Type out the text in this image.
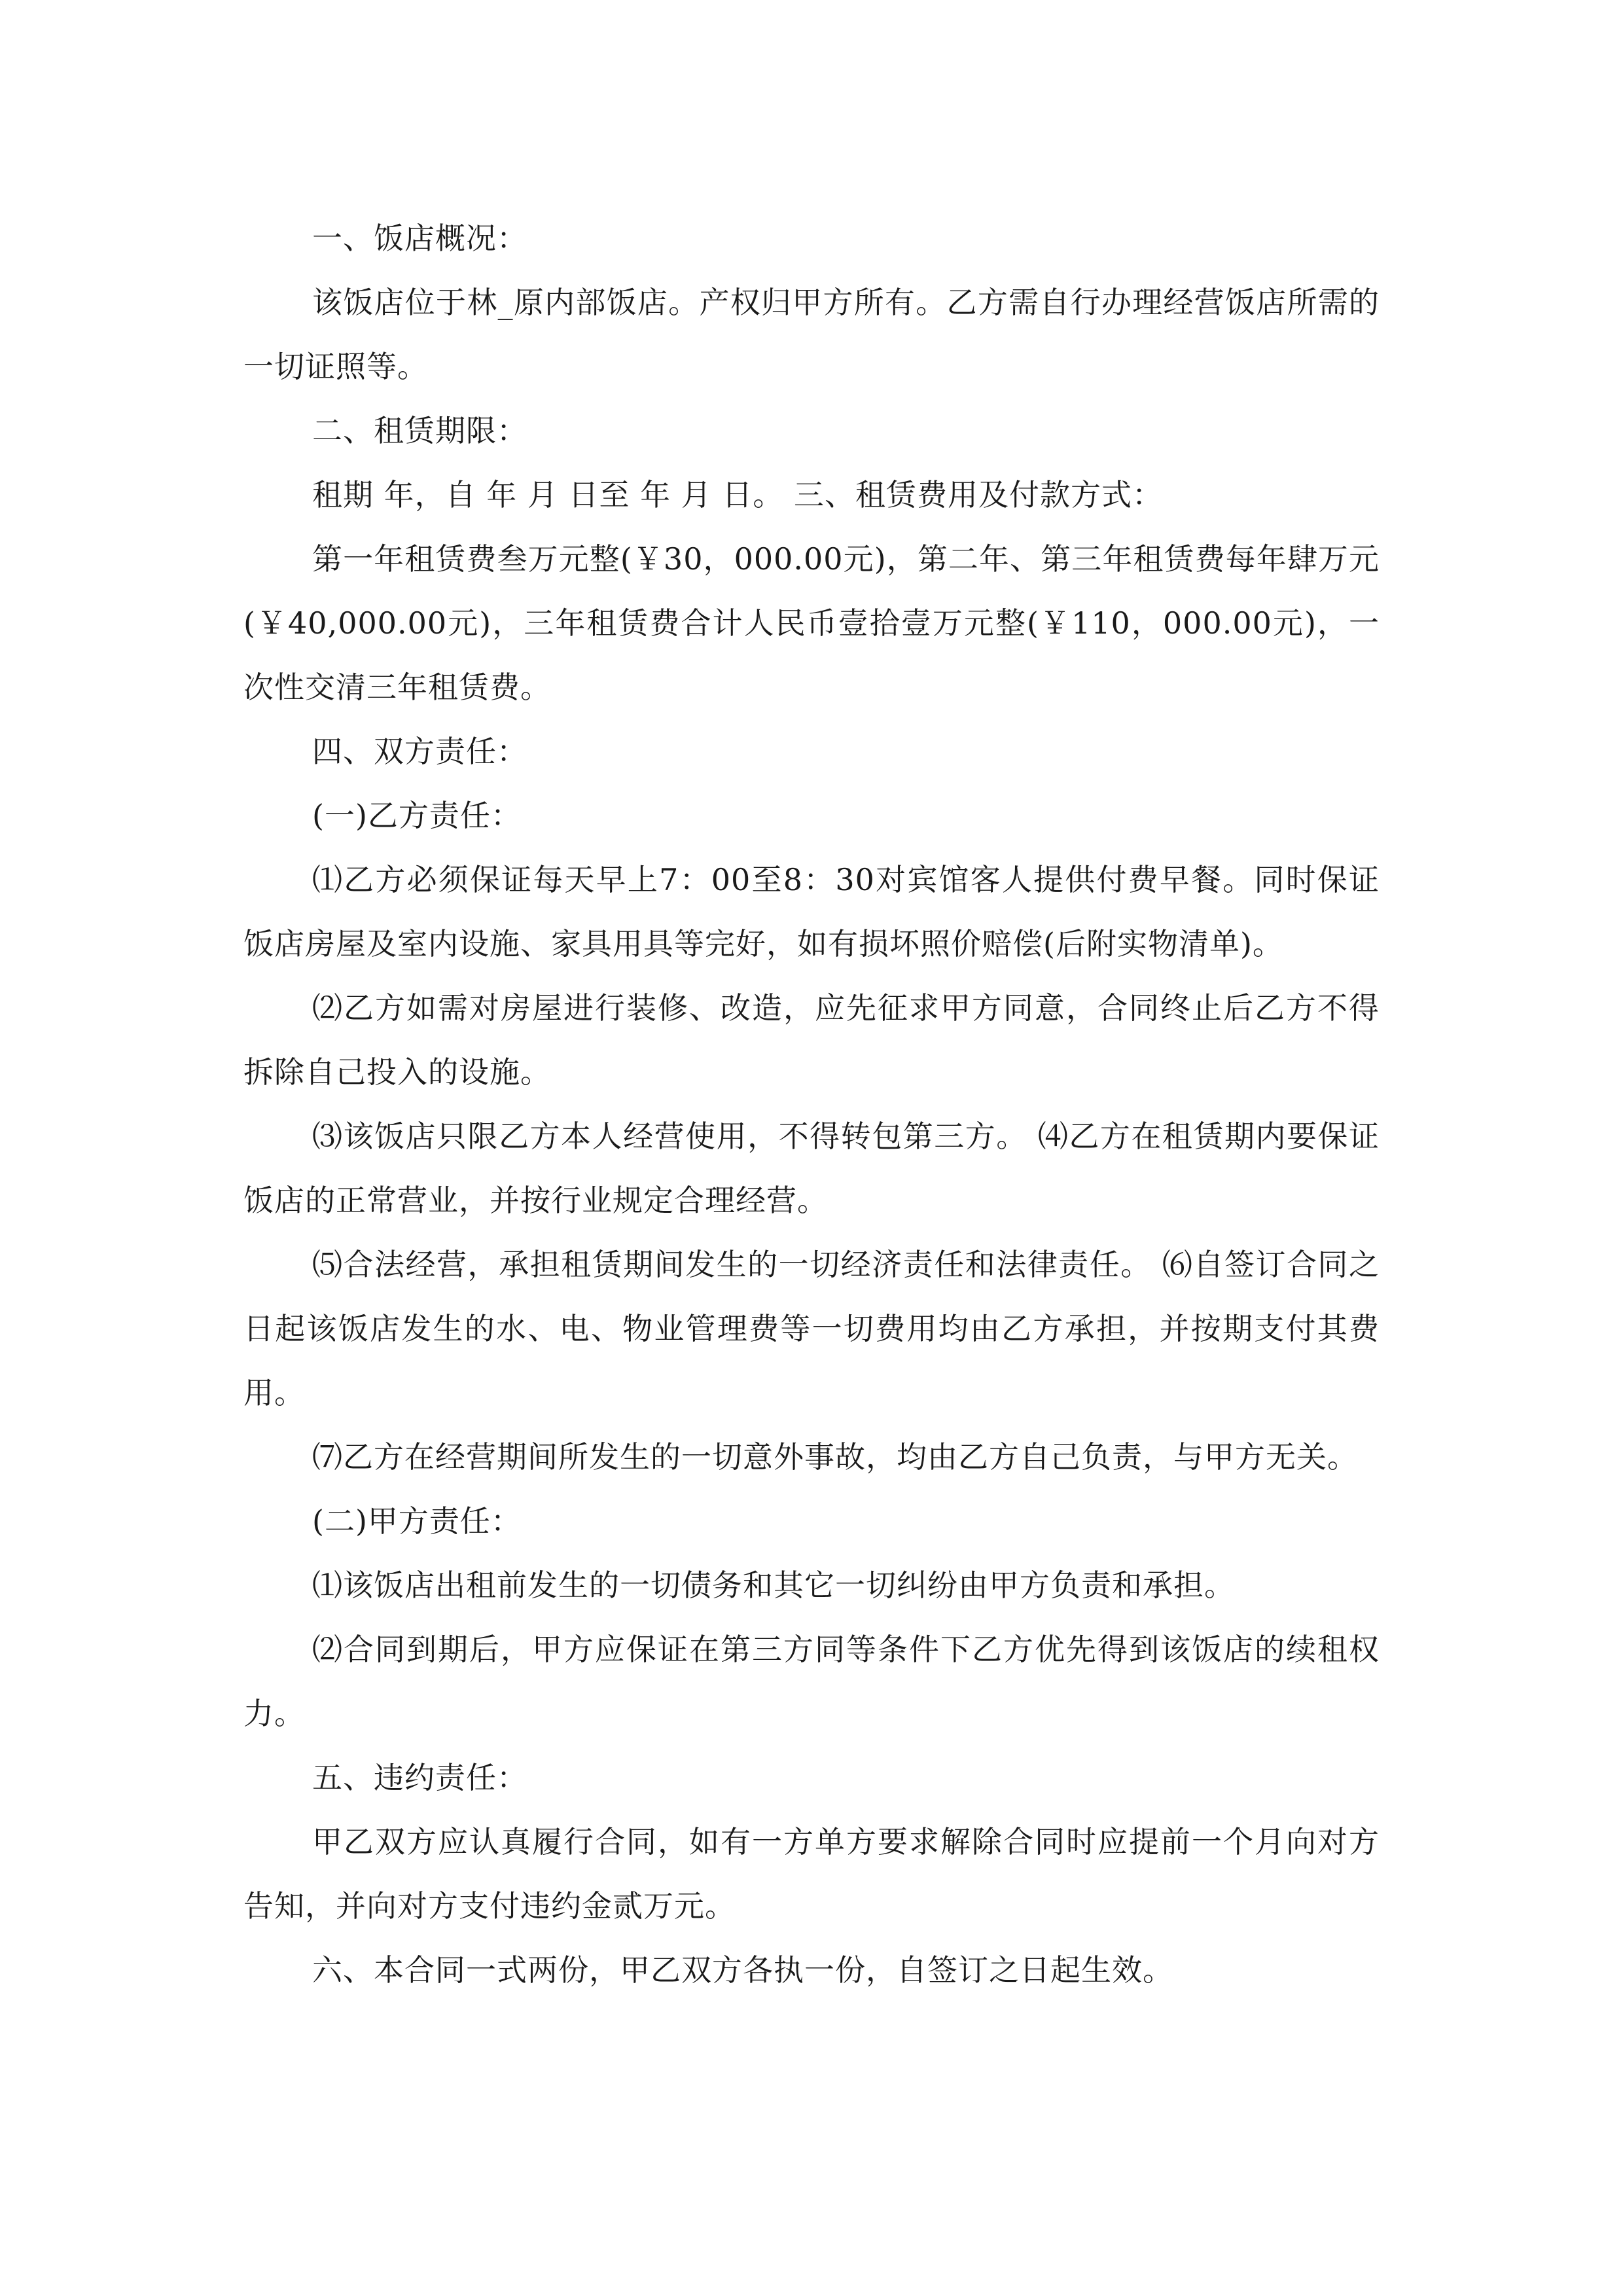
一、饭店概况：

该饭店位于林_原内部饭店。产权归甲方所有。乙方需自行办理经营饭店所需的一切证照等。

二、租赁期限：

租期 年，自 年 月 日至 年 月 日。 三、租赁费用及付款方式：

第一年租赁费叁万元整(￥30，000.00元)，第二年、第三年租赁费每年肆万元(￥40,000.00元)，三年租赁费合计人民币壹拾壹万元整(￥110，000.00元)，一次性交清三年租赁费。

四、双方责任：

(一)乙方责任：

⑴乙方必须保证每天早上7：00至8：30对宾馆客人提供付费早餐。同时保证饭店房屋及室内设施、家具用具等完好，如有损坏照价赔偿(后附实物清单)。

⑵乙方如需对房屋进行装修、改造，应先征求甲方同意，合同终止后乙方不得拆除自己投入的设施。

⑶该饭店只限乙方本人经营使用，不得转包第三方。 ⑷乙方在租赁期内要保证饭店的正常营业，并按行业规定合理经营。

⑸合法经营，承担租赁期间发生的一切经济责任和法律责任。 ⑹自签订合同之日起该饭店发生的水、电、物业管理费等一切费用均由乙方承担，并按期支付其费用。

⑺乙方在经营期间所发生的一切意外事故，均由乙方自己负责，与甲方无关。

(二)甲方责任：

⑴该饭店出租前发生的一切债务和其它一切纠纷由甲方负责和承担。

⑵合同到期后，甲方应保证在第三方同等条件下乙方优先得到该饭店的续租权力。

五、违约责任：

甲乙双方应认真履行合同，如有一方单方要求解除合同时应提前一个月向对方告知，并向对方支付违约金贰万元。

六、本合同一式两份，甲乙双方各执一份，自签订之日起生效。
